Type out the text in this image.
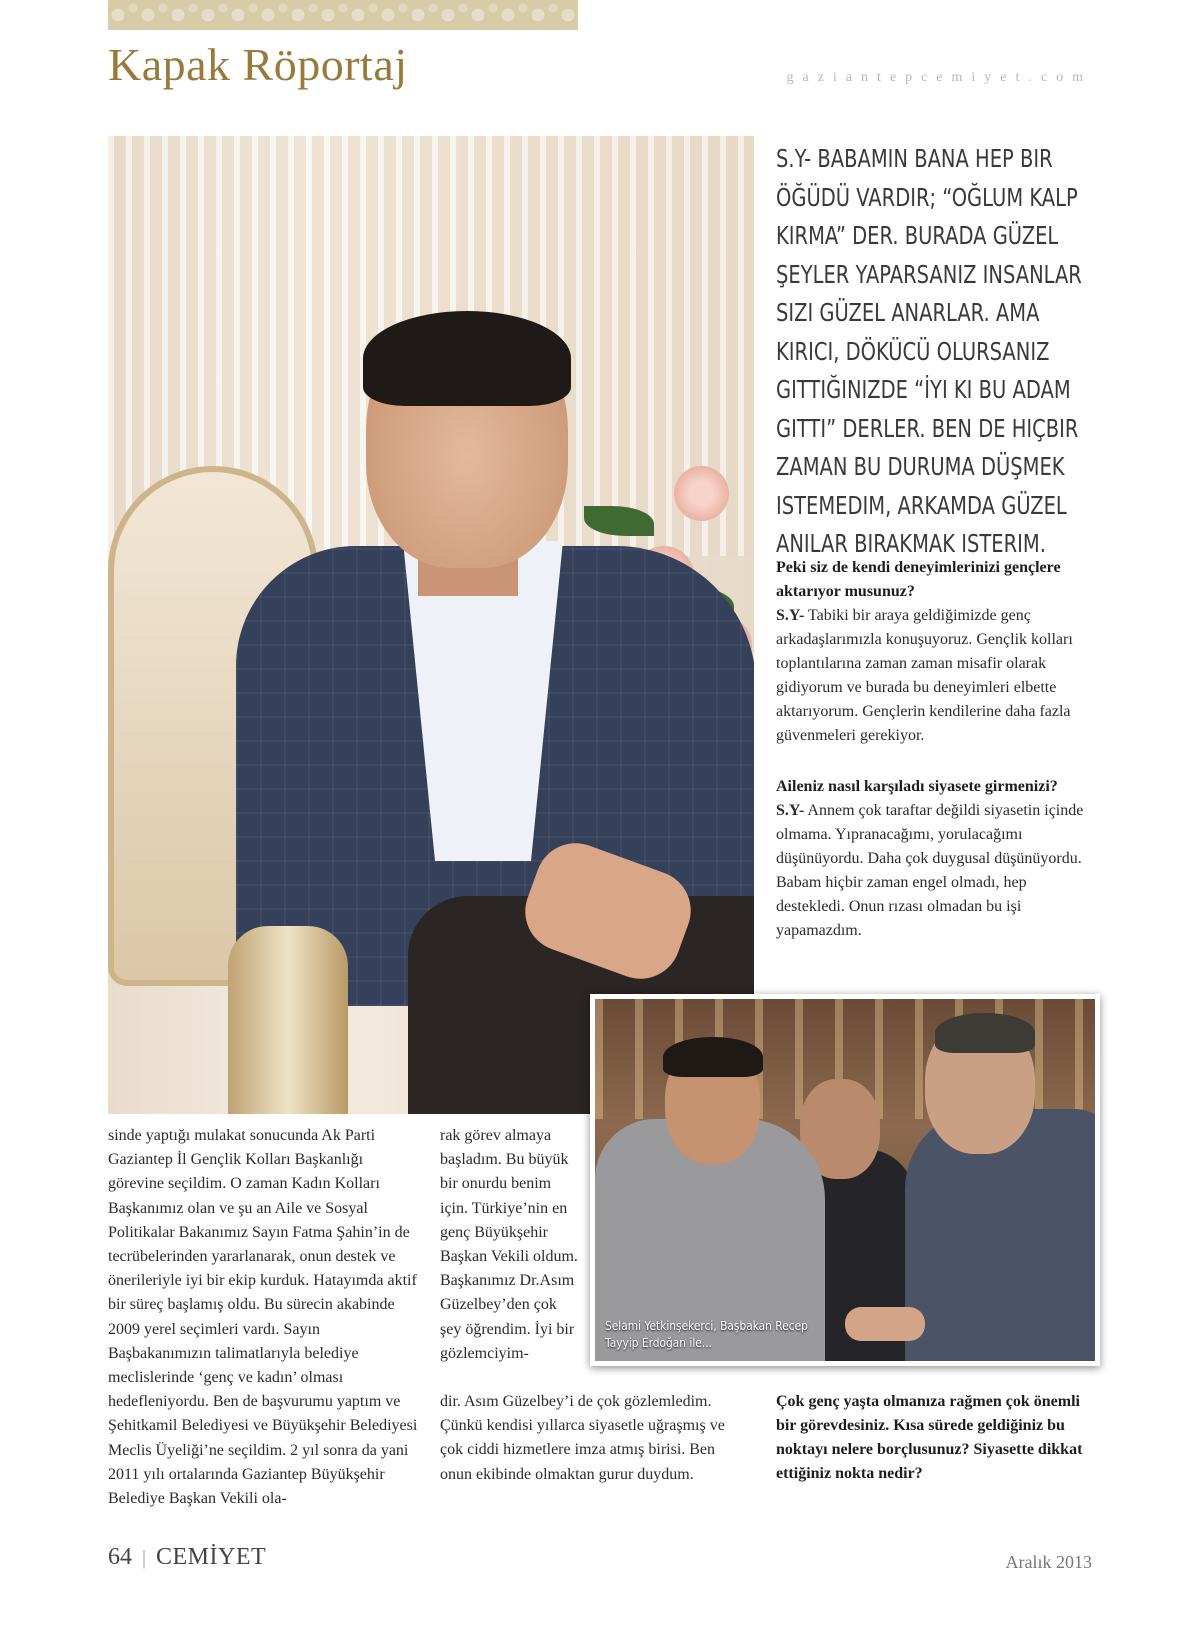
Kapak Röportaj	gaziantepcemiyet.com
S.Y- BABAMIN BANA HEP BIR ÖĞÜDÜ VARDIR; “OĞLUM KALP KIRMA” DER. BURADA GÜZEL ŞEYLER YAPARSANIZ INSANLAR SIZI GÜZEL ANARLAR. AMA KIRICI, DÖKÜCÜ OLURSANIZ GITTIĞINIZDE “İYI KI BU ADAM GITTI” DERLER. BEN DE HIÇBIR ZAMAN BU DURUMA DÜŞMEK ISTEMEDIM, ARKAMDA GÜZEL ANILAR BIRAKMAK ISTERIM.
Peki siz de kendi deneyimlerinizi gençlere aktarıyor musunuz?
S.Y- Tabiki bir araya geldiğimizde genç arkadaşlarımızla konuşuyoruz. Gençlik kolları toplantılarına zaman zaman misafir olarak gidiyorum ve burada bu deneyimleri elbette aktarıyorum. Gençlerin kendilerine daha fazla güvenmeleri gerekiyor.
Aileniz nasıl karşıladı siyasete girmenizi?
S.Y- Annem çok taraftar değildi siyasetin içinde olmama. Yıpranacağımı, yorulacağımı düşünüyordu. Daha çok duygusal düşünüyordu. Babam hiçbir zaman engel olmadı, hep destekledi. Onun rızası olmadan bu işi yapamazdım.
Selami Yetkinşekerci, Başbakan Recep Tayyip Erdoğan ile...

sinde yaptığı mulakat sonucunda Ak Parti Gaziantep İl Gençlik Kolları Başkanlığı görevine seçildim. O zaman Kadın Kolları Başkanımız olan ve şu an Aile ve Sosyal Politikalar Bakanımız Sayın Fatma Şahin’in de tecrübelerinden yararlanarak, onun destek ve önerileriyle iyi bir ekip kurduk. Hatayımda aktif bir süreç başlamış oldu. Bu sürecin akabinde 2009 yerel seçimleri vardı. Sayın Başbakanımızın talimatlarıyla belediye meclislerinde ‘genç ve kadın’ olması hedefleniyordu. Ben de başvurumu yaptım ve Şehitkamil Belediyesi ve Büyükşehir Belediyesi Meclis Üyeliği’ne seçildim. 2 yıl sonra da yani 2011 yılı ortalarında Gaziantep Büyükşehir Belediye Başkan Vekili ola-

rak görev almaya başladım. Bu büyük bir onurdu benim için. Türkiye’nin en genç Büyükşehir Başkan Vekili oldum. Başkanımız Dr.Asım Güzelbey’den çok şey öğrendim. İyi bir gözlemciyim-

dir. Asım Güzelbey’i de çok gözlemledim. Çünkü kendisi yıllarca siyasetle uğraşmış ve çok ciddi hizmetlere imza atmış birisi. Ben onun ekibinde olmaktan gurur duydum.

Çok genç yaşta olmanıza rağmen çok önemli bir görevdesiniz. Kısa sürede geldiğiniz bu noktayı nelere borçlusunuz? Siyasette dikkat ettiğiniz nokta nedir?
64 | CEMİYET	Aralık 2013
